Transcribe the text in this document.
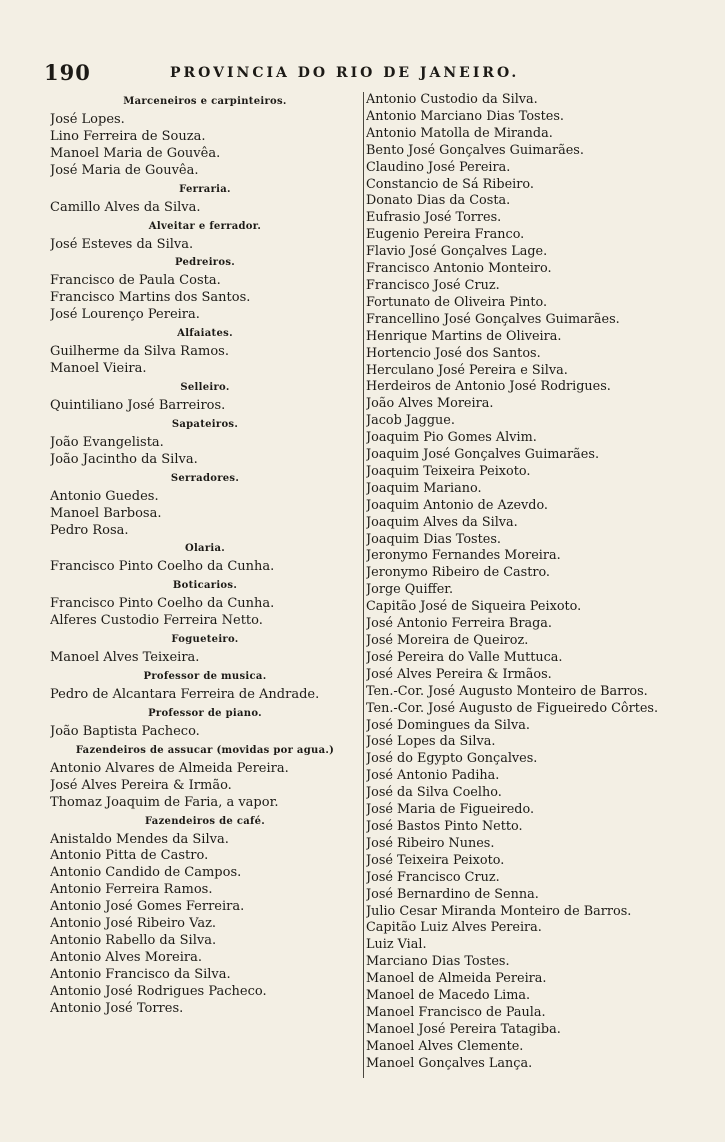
190	PROVINCIA DO RIO DE JANEIRO.
Marceneiros e carpinteiros.
José Lopes.
Lino Ferreira de Souza.
Manoel Maria de Gouvêa.
José Maria de Gouvêa.
Ferraria.
Camillo Alves da Silva.
Alveitar e ferrador.
José Esteves da Silva.
Pedreiros.
Francisco de Paula Costa.
Francisco Martins dos Santos.
José Lourenço Pereira.
Alfaiates.
Guilherme da Silva Ramos.
Manoel Vieira.
Selleiro.
Quintiliano José Barreiros.
Sapateiros.
João Evangelista.
João Jacintho da Silva.
Serradores.
Antonio Guedes.
Manoel Barbosa.
Pedro Rosa.
Olaria.
Francisco Pinto Coelho da Cunha.
Boticarios.
Francisco Pinto Coelho da Cunha.
Alferes Custodio Ferreira Netto.
Fogueteiro.
Manoel Alves Teixeira.
Professor de musica.
Pedro de Alcantara Ferreira de Andrade.
Professor de piano.
João Baptista Pacheco.
Fazendeiros de assucar (movidas por agua.)
Antonio Alvares de Almeida Pereira.
José Alves Pereira & Irmão.
Thomaz Joaquim de Faria, a vapor.
Fazendeiros de café.
Anistaldo Mendes da Silva.
Antonio Pitta de Castro.
Antonio Candido de Campos.
Antonio Ferreira Ramos.
Antonio José Gomes Ferreira.
Antonio José Ribeiro Vaz.
Antonio Rabello da Silva.
Antonio Alves Moreira.
Antonio Francisco da Silva.
Antonio José Rodrigues Pacheco.
Antonio José Torres.
Antonio Custodio da Silva.
Antonio Marciano Dias Tostes.
Antonio Matolla de Miranda.
Bento José Gonçalves Guimarães.
Claudino José Pereira.
Constancio de Sá Ribeiro.
Donato Dias da Costa.
Eufrasio José Torres.
Eugenio Pereira Franco.
Flavio José Gonçalves Lage.
Francisco Antonio Monteiro.
Francisco José Cruz.
Fortunato de Oliveira Pinto.
Francellino José Gonçalves Guimarães.
Henrique Martins de Oliveira.
Hortencio José dos Santos.
Herculano José Pereira e Silva.
Herdeiros de Antonio José Rodrigues.
João Alves Moreira.
Jacob Jaggue.
Joaquim Pio Gomes Alvim.
Joaquim José Gonçalves Guimarães.
Joaquim Teixeira Peixoto.
Joaquim Mariano.
Joaquim Antonio de Azevdo.
Joaquim Alves da Silva.
Joaquim Dias Tostes.
Jeronymo Fernandes Moreira.
Jeronymo Ribeiro de Castro.
Jorge Quiffer.
Capitão José de Siqueira Peixoto.
José Antonio Ferreira Braga.
José Moreira de Queiroz.
José Pereira do Valle Muttuca.
José Alves Pereira & Irmãos.
Ten.-Cor. José Augusto Monteiro de Barros.
Ten.-Cor. José Augusto de Figueiredo Côrtes.
José Domingues da Silva.
José Lopes da Silva.
José do Egypto Gonçalves.
José Antonio Padiha.
José da Silva Coelho.
José Maria de Figueiredo.
José Bastos Pinto Netto.
José Ribeiro Nunes.
José Teixeira Peixoto.
José Francisco Cruz.
José Bernardino de Senna.
Julio Cesar Miranda Monteiro de Barros.
Capitão Luiz Alves Pereira.
Luiz Vial.
Marciano Dias Tostes.
Manoel de Almeida Pereira.
Manoel de Macedo Lima.
Manoel Francisco de Paula.
Manoel José Pereira Tatagiba.
Manoel Alves Clemente.
Manoel Gonçalves Lança.
